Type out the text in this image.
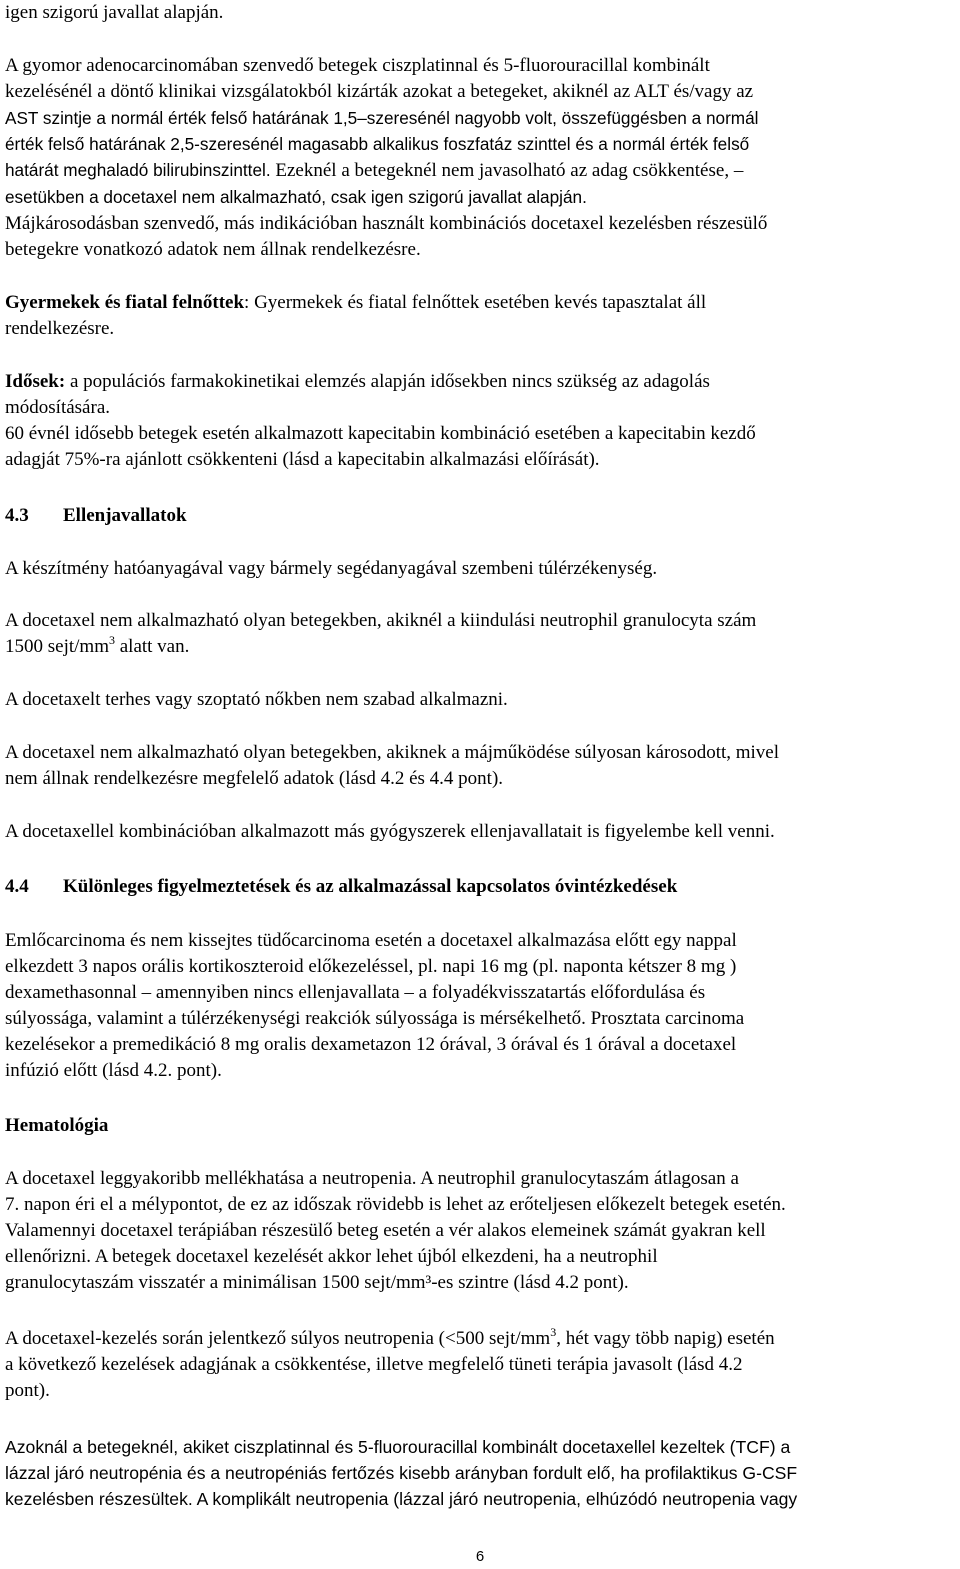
igen szigorú javallat alapján.
A gyomor adenocarcinomában szenvedő betegek ciszplatinnal és 5-fluorouracillal kombinált
kezelésénél a döntő klinikai vizsgálatokból kizárták azokat a betegeket, akiknél az ALT és/vagy az
AST szintje a normál érték felső határának 1,5–szeresénél nagyobb volt, összefüggésben a normál
érték felső határának 2,5-szeresénél magasabb alkalikus foszfatáz szinttel és a normál érték felső
határát meghaladó bilirubinszinttel. Ezeknél a betegeknél nem javasolható az adag csökkentése, –
esetükben a docetaxel nem alkalmazható, csak igen szigorú javallat alapján.
Májkárosodásban szenvedő, más indikációban használt kombinációs docetaxel kezelésben részesülő
betegekre vonatkozó adatok nem állnak rendelkezésre.
Gyermekek és fiatal felnőttek: Gyermekek és fiatal felnőttek esetében kevés tapasztalat áll
rendelkezésre.
Idősek: a populációs farmakokinetikai elemzés alapján idősekben nincs szükség az adagolás
módosítására.
60 évnél idősebb betegek esetén alkalmazott kapecitabin kombináció esetében a kapecitabin kezdő
adagját 75%-ra ajánlott csökkenteni (lásd a kapecitabin alkalmazási előírását).
4.3 Ellenjavallatok
A készítmény hatóanyagával vagy bármely segédanyagával szembeni túlérzékenység.
A docetaxel nem alkalmazható olyan betegekben, akiknél a kiindulási neutrophil granulocyta szám
1500 sejt/$mm^3$ alatt van.
A docetaxelt terhes vagy szoptató nőkben nem szabad alkalmazni.
A docetaxel nem alkalmazható olyan betegekben, akiknek a májműködése súlyosan károsodott, mivel
nem állnak rendelkezésre megfelelő adatok (lásd 4.2 és 4.4 pont).
A docetaxellel kombinációban alkalmazott más gyógyszerek ellenjavallatait is figyelembe kell venni.
4.4 Különleges figyelmeztetések és az alkalmazással kapcsolatos óvintézkedések
Emlőcarcinoma és nem kissejtes tüdőcarcinoma esetén a docetaxel alkalmazása előtt egy nappal
elkezdett 3 napos orális kortikoszteroid előkezeléssel, pl. napi 16 mg (pl. naponta kétszer 8 mg )
dexamethasonnal – amennyiben nincs ellenjavallata – a folyadékvisszatartás előfordulása és
súlyossága, valamint a túlérzékenységi reakciók súlyossága is mérsékelhető. Prosztata carcinoma
kezelésekor a premedikáció 8 mg oralis dexametazon 12 órával, 3 órával és 1 órával a docetaxel
infúzió előtt (lásd 4.2. pont).
Hematológia
A docetaxel leggyakoribb mellékhatása a neutropenia. A neutrophil granulocytaszám átlagosan a
7. napon éri el a mélypontot, de ez az időszak rövidebb is lehet az erőteljesen előkezelt betegek esetén.
Valamennyi docetaxel terápiában részesülő beteg esetén a vér alakos elemeinek számát gyakran kell
ellenőrizni. A betegek docetaxel kezelését akkor lehet újból elkezdeni, ha a neutrophil
granulocytaszám visszatér a minimálisan 1500 sejt/mm³-es szintre (lásd 4.2 pont).
A docetaxel-kezelés során jelentkező súlyos neutropenia (<500 sejt/$mm^3$, hét vagy több napig) esetén
a következő kezelések adagjának a csökkentése, illetve megfelelő tüneti terápia javasolt (lásd 4.2
pont).
Azoknál a betegeknél, akiket ciszplatinnal és 5-fluorouracillal kombinált docetaxellel kezeltek (TCF) a
lázzal járó neutropénia és a neutropéniás fertőzés kisebb arányban fordult elő, ha profilaktikus G-CSF
kezelésben részesültek. A komplikált neutropenia (lázzal járó neutropenia, elhúzódó neutropenia vagy
6
